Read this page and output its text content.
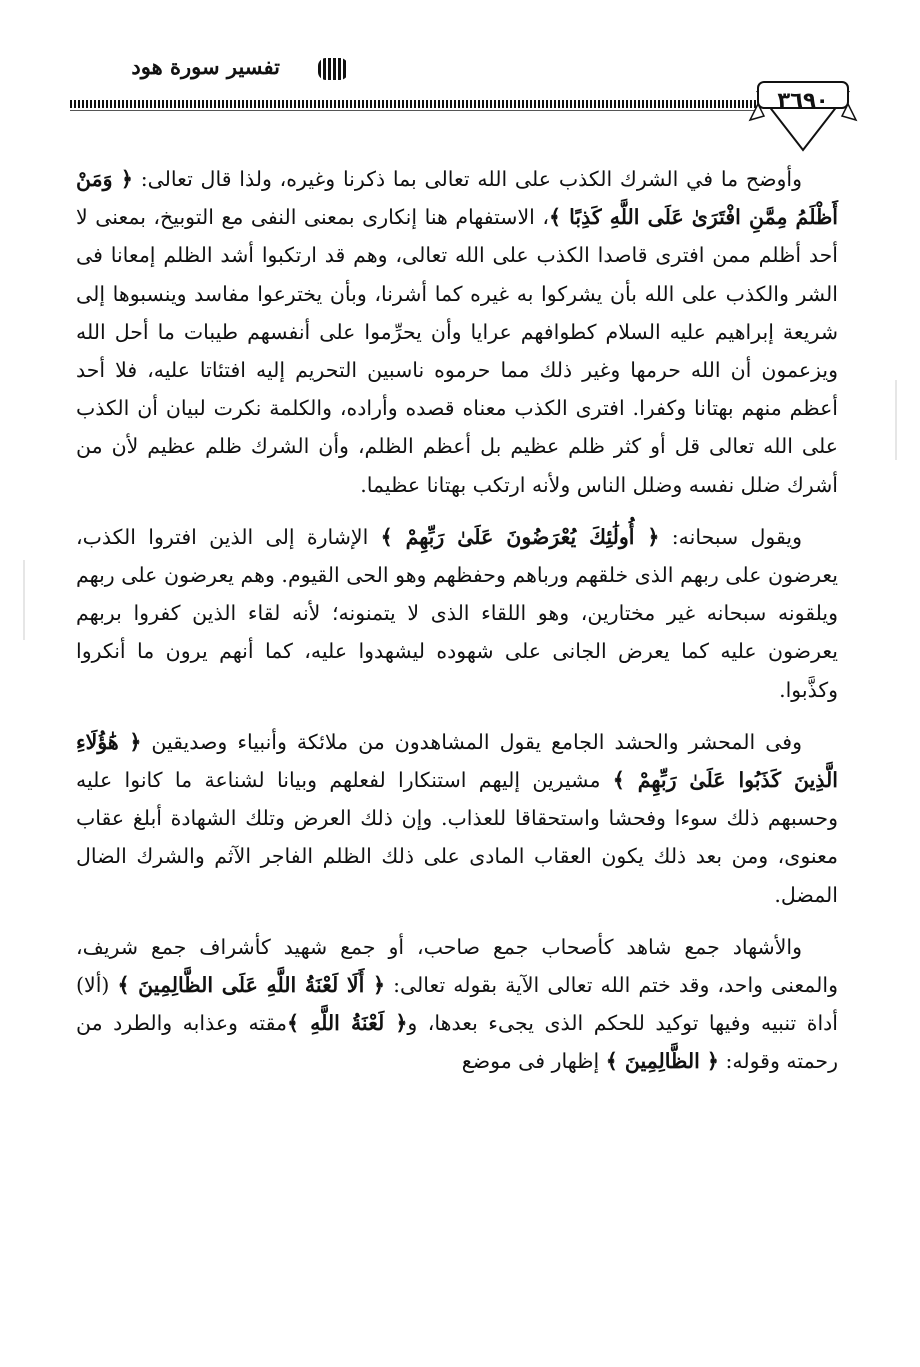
تفسير سورة هود
٣٦٩٠

وأوضح ما في الشرك الكذب على الله تعالى بما ذكرنا وغيره، ولذا قال تعالى: ﴿ وَمَنْ أَظْلَمُ مِمَّنِ افْتَرَىٰ عَلَى اللَّهِ كَذِبًا ﴾، الاستفهام هنا إنكارى بمعنى النفى مع التوبيخ، بمعنى لا أحد أظلم ممن افترى قاصدا الكذب على الله تعالى، وهم قد ارتكبوا أشد الظلم إمعانا فى الشر والكذب على الله بأن يشركوا به غيره كما أشرنا، وبأن يخترعوا مفاسد وينسبوها إلى شريعة إبراهيم عليه السلام كطوافهم عرايا وأن يحرِّموا على أنفسهم طيبات ما أحل الله ويزعمون أن الله حرمها وغير ذلك مما حرموه ناسبين التحريم إليه افتئاتا عليه، فلا أحد أعظم منهم بهتانا وكفرا. افترى الكذب معناه قصده وأراده، والكلمة نكرت لبيان أن الكذب على الله تعالى قل أو كثر ظلم عظيم بل أعظم الظلم، وأن الشرك ظلم عظيم لأن من أشرك ضلل نفسه وضلل الناس ولأنه ارتكب بهتانا عظيما.

ويقول سبحانه: ﴿ أُولَٰئِكَ يُعْرَضُونَ عَلَىٰ رَبِّهِمْ ﴾ الإشارة إلى الذين افتروا الكذب، يعرضون على ربهم الذى خلقهم ورباهم وحفظهم وهو الحى القيوم. وهم يعرضون على ربهم ويلقونه سبحانه غير مختارين، وهو اللقاء الذى لا يتمنونه؛ لأنه لقاء الذين كفروا بربهم يعرضون عليه كما يعرض الجانى على شهوده ليشهدوا عليه، كما أنهم يرون ما أنكروا وكذَّبوا.

وفى المحشر والحشد الجامع يقول المشاهدون من ملائكة وأنبياء وصديقين ﴿ هَٰؤُلَاءِ الَّذِينَ كَذَبُوا عَلَىٰ رَبِّهِمْ ﴾ مشيرين إليهم استنكارا لفعلهم وبيانا لشناعة ما كانوا عليه وحسبهم ذلك سوءا وفحشا واستحقاقا للعذاب. وإن ذلك العرض وتلك الشهادة أبلغ عقاب معنوى، ومن بعد ذلك يكون العقاب المادى على ذلك الظلم الفاجر الآثم والشرك الضال المضل.

والأشهاد جمع شاهد كأصحاب جمع صاحب، أو جمع شهيد كأشراف جمع شريف، والمعنى واحد، وقد ختم الله تعالى الآية بقوله تعالى: ﴿ أَلَا لَعْنَةُ اللَّهِ عَلَى الظَّالِمِينَ ﴾ (ألا) أداة تنبيه وفيها توكيد للحكم الذى يجىء بعدها، و﴿ لَعْنَةُ اللَّهِ ﴾مقته وعذابه والطرد من رحمته وقوله: ﴿ الظَّالِمِينَ ﴾ إظهار فى موضع
